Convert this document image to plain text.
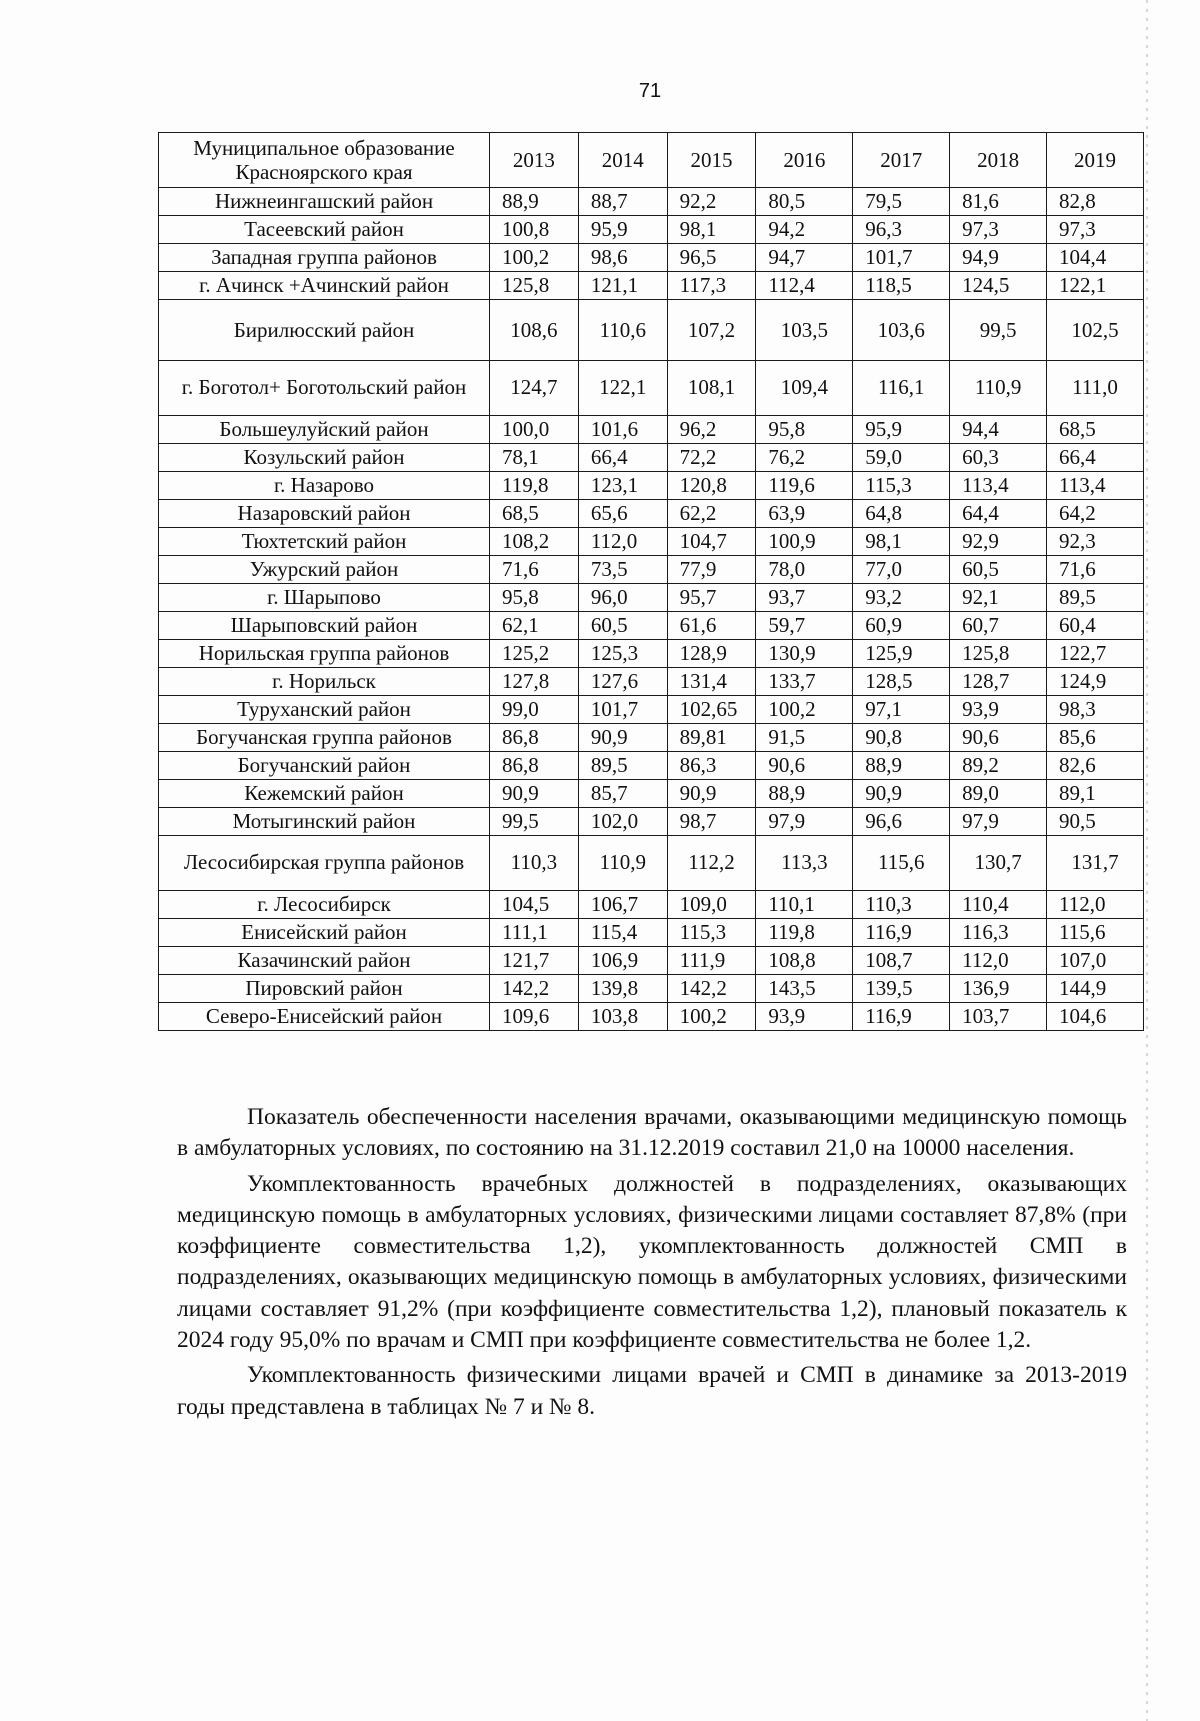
71
Муниципальное образование Красноярского края	2013	2014	2015	2016	2017	2018	2019
Нижнеингашский район	88,9	88,7	92,2	80,5	79,5	81,6	82,8
Тасеевский район	100,8	95,9	98,1	94,2	96,3	97,3	97,3
Западная группа районов	100,2	98,6	96,5	94,7	101,7	94,9	104,4
г. Ачинск +Ачинский район	125,8	121,1	117,3	112,4	118,5	124,5	122,1
Бирилюсский район	108,6	110,6	107,2	103,5	103,6	99,5	102,5
г. Боготол+ Боготольский район	124,7	122,1	108,1	109,4	116,1	110,9	111,0
Большеулуйский район	100,0	101,6	96,2	95,8	95,9	94,4	68,5
Козульский район	78,1	66,4	72,2	76,2	59,0	60,3	66,4
г. Назарово	119,8	123,1	120,8	119,6	115,3	113,4	113,4
Назаровский район	68,5	65,6	62,2	63,9	64,8	64,4	64,2
Тюхтетский район	108,2	112,0	104,7	100,9	98,1	92,9	92,3
Ужурский район	71,6	73,5	77,9	78,0	77,0	60,5	71,6
г. Шарыпово	95,8	96,0	95,7	93,7	93,2	92,1	89,5
Шарыповский район	62,1	60,5	61,6	59,7	60,9	60,7	60,4
Норильская группа районов	125,2	125,3	128,9	130,9	125,9	125,8	122,7
г. Норильск	127,8	127,6	131,4	133,7	128,5	128,7	124,9
Туруханский район	99,0	101,7	102,65	100,2	97,1	93,9	98,3
Богучанская группа районов	86,8	90,9	89,81	91,5	90,8	90,6	85,6
Богучанский район	86,8	89,5	86,3	90,6	88,9	89,2	82,6
Кежемский район	90,9	85,7	90,9	88,9	90,9	89,0	89,1
Мотыгинский район	99,5	102,0	98,7	97,9	96,6	97,9	90,5
Лесосибирская группа районов	110,3	110,9	112,2	113,3	115,6	130,7	131,7
г. Лесосибирск	104,5	106,7	109,0	110,1	110,3	110,4	112,0
Енисейский район	111,1	115,4	115,3	119,8	116,9	116,3	115,6
Казачинский район	121,7	106,9	111,9	108,8	108,7	112,0	107,0
Пировский район	142,2	139,8	142,2	143,5	139,5	136,9	144,9
Северо-Енисейский район	109,6	103,8	100,2	93,9	116,9	103,7	104,6

Показатель обеспеченности населения врачами, оказывающими медицинскую помощь в амбулаторных условиях, по состоянию на 31.12.2019 составил 21,0 на 10000 населения.

Укомплектованность врачебных должностей в подразделениях, оказывающих медицинскую помощь в амбулаторных условиях, физическими лицами составляет 87,8% (при коэффициенте совместительства 1,2), укомплектованность должностей СМП в подразделениях, оказывающих медицинскую помощь в амбулаторных условиях, физическими лицами составляет 91,2% (при коэффициенте совместительства 1,2), плановый показатель к 2024 году 95,0% по врачам и СМП при коэффициенте совместительства не более 1,2.

Укомплектованность физическими лицами врачей и СМП в динамике за 2013-2019 годы представлена в таблицах № 7 и № 8.
